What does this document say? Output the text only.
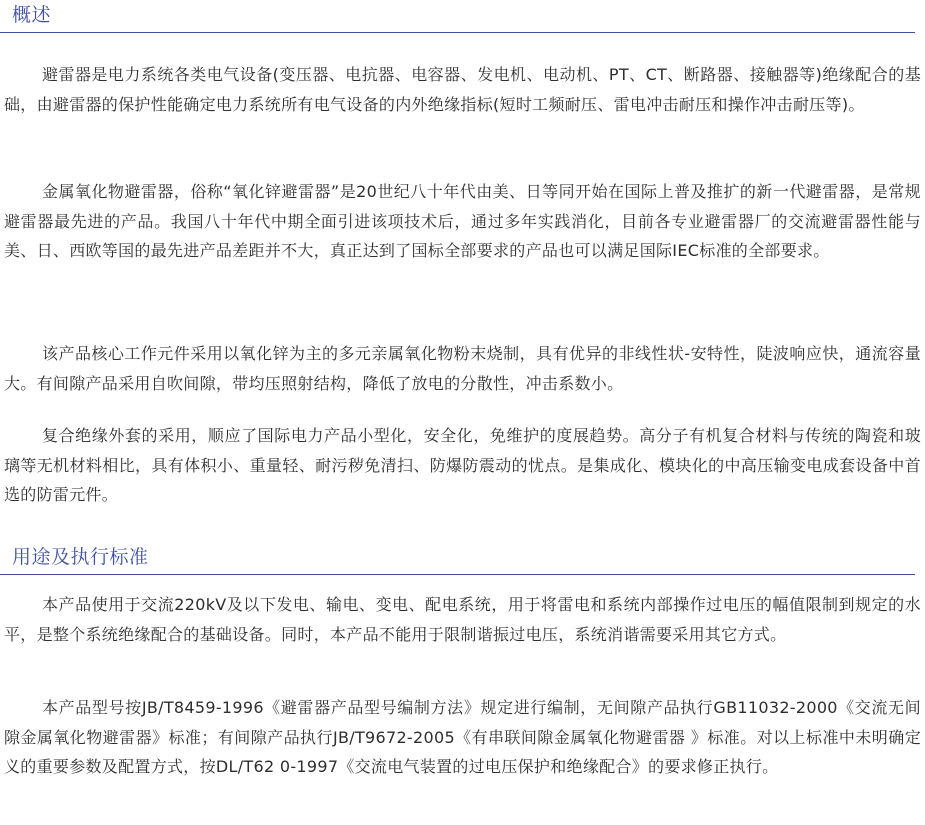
概述

避雷器是电力系统各类电气设备(变压器、电抗器、电容器、发电机、电动机、PT、CT、断路器、接触器等)绝缘配合的基础，由避雷器的保护性能确定电力系统所有电气设备的内外绝缘指标(短时工频耐压、雷电冲击耐压和操作冲击耐压等)。

金属氧化物避雷器，俗称“氧化锌避雷器”是20世纪八十年代由美、日等同开始在国际上普及推扩的新一代避雷器，是常规避雷器最先进的产品。我国八十年代中期全面引进该项技术后，通过多年实践消化，目前各专业避雷器厂的交流避雷器性能与美、日、西欧等国的最先进产品差距并不大，真正达到了国标全部要求的产品也可以满足国际IEC标准的全部要求。

该产品核心工作元件采用以氧化锌为主的多元亲属氧化物粉末烧制，具有优异的非线性状-安特性，陡波响应快，通流容量大。有间隙产品采用自吹间隙，带均压照射结构，降低了放电的分散性，冲击系数小。

复合绝缘外套的采用，顺应了国际电力产品小型化，安全化，免维护的度展趋势。高分子有机复合材料与传统的陶瓷和玻璃等无机材料相比，具有体积小、重量轻、耐污秽免清扫、防爆防震动的忧点。是集成化、模块化的中高压输变电成套设备中首选的防雷元件。

用途及执行标准

本产品使用于交流220kV及以下发电、输电、变电、配电系统，用于将雷电和系统内部操作过电压的幅值限制到规定的水平，是整个系统绝缘配合的基础设备。同时，本产品不能用于限制谐振过电压，系统消谐需要采用其它方式。

本产品型号按JB/T8459-1996《避雷器产品型号编制方法》规定进行编制，无间隙产品执行GB11032-2000《交流无间隙金属氧化物避雷器》标准；有间隙产品执行JB/T9672-2005《有串联间隙金属氧化物避雷器 》标准。对以上标准中未明确定义的重要参数及配置方式，按DL/T62 0-1997《交流电气装置的过电压保护和绝缘配合》的要求修正执行。
